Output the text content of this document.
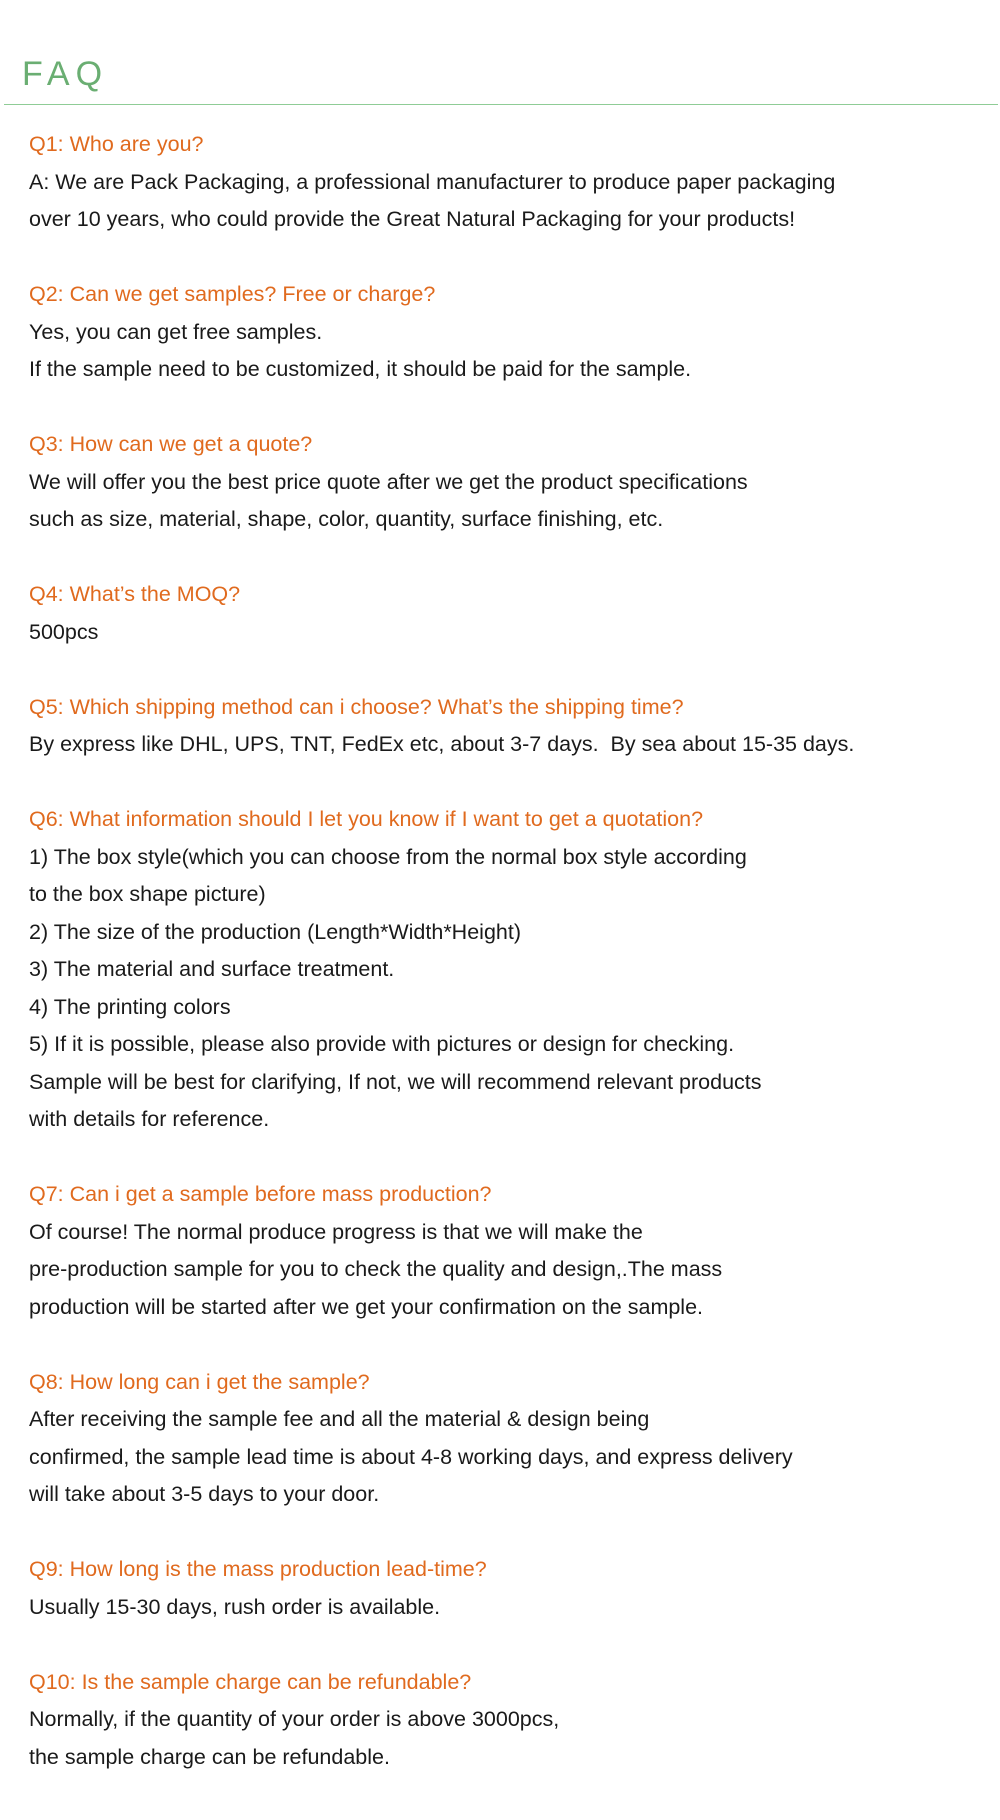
FAQ
Q1: Who are you?
A: We are Pack Packaging, a professional manufacturer to produce paper packaging
over 10 years, who could provide the Great Natural Packaging for your products!
Q2: Can we get samples? Free or charge?
Yes, you can get free samples.
If the sample need to be customized, it should be paid for the sample.
Q3: How can we get a quote?
We will offer you the best price quote after we get the product specifications
such as size, material, shape, color, quantity, surface finishing, etc.
Q4: What’s the MOQ?
500pcs
Q5: Which shipping method can i choose? What’s the shipping time?
By express like DHL, UPS, TNT, FedEx etc, about 3-7 days.  By sea about 15-35 days.
Q6: What information should I let you know if I want to get a quotation?
1) The box style(which you can choose from the normal box style according
to the box shape picture)
2) The size of the production (Length*Width*Height)
3) The material and surface treatment.
4) The printing colors
5) If it is possible, please also provide with pictures or design for checking.
Sample will be best for clarifying, If not, we will recommend relevant products
with details for reference.
Q7: Can i get a sample before mass production?
Of course! The normal produce progress is that we will make the
pre-production sample for you to check the quality and design,.The mass
production will be started after we get your confirmation on the sample.
Q8: How long can i get the sample?
After receiving the sample fee and all the material & design being
confirmed, the sample lead time is about 4-8 working days, and express delivery
will take about 3-5 days to your door.
Q9: How long is the mass production lead-time?
Usually 15-30 days, rush order is available.
Q10: Is the sample charge can be refundable?
Normally, if the quantity of your order is above 3000pcs,
the sample charge can be refundable.
